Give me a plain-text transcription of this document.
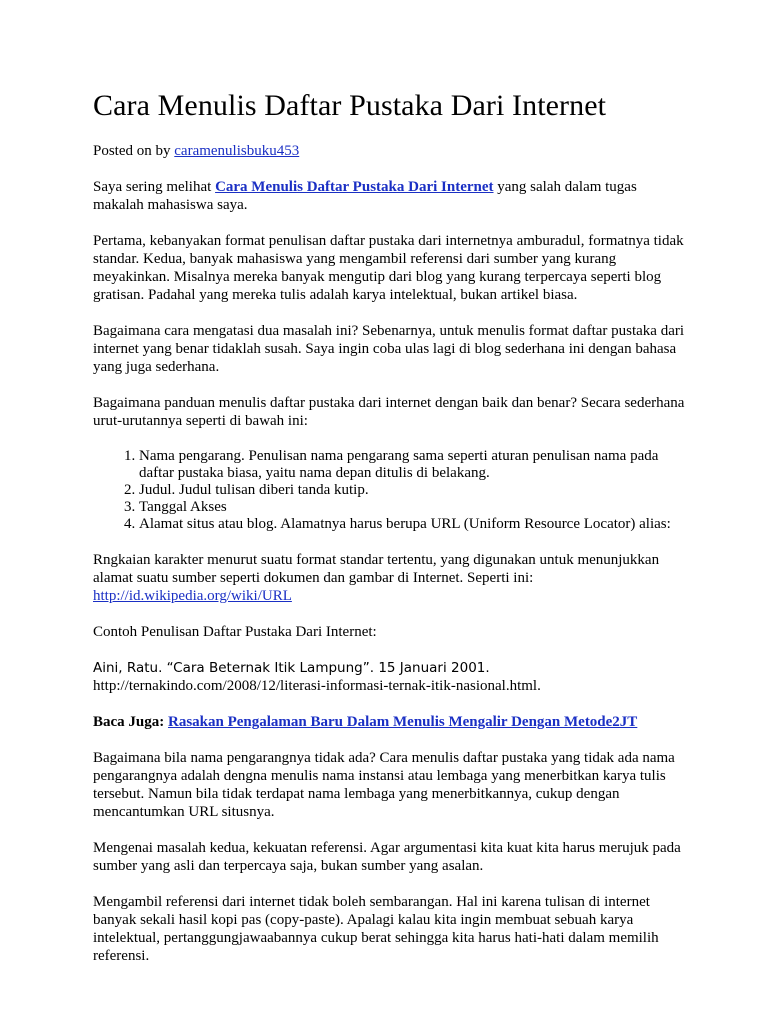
Cara Menulis Daftar Pustaka Dari Internet

Posted on by caramenulisbuku453

Saya sering melihat Cara Menulis Daftar Pustaka Dari Internet yang salah dalam tugas makalah mahasiswa saya.

Pertama, kebanyakan format penulisan daftar pustaka dari internetnya amburadul, formatnya tidak standar. Kedua, banyak mahasiswa yang mengambil referensi dari sumber yang kurang meyakinkan. Misalnya mereka banyak mengutip dari blog yang kurang terpercaya seperti blog gratisan. Padahal yang mereka tulis adalah karya intelektual, bukan artikel biasa.

Bagaimana cara mengatasi dua masalah ini? Sebenarnya, untuk menulis format daftar pustaka dari internet yang benar tidaklah susah. Saya ingin coba ulas lagi di blog sederhana ini dengan bahasa yang juga sederhana.

Bagaimana panduan menulis daftar pustaka dari internet dengan baik dan benar? Secara sederhana urut-urutannya seperti di bawah ini:

1. Nama pengarang. Penulisan nama pengarang sama seperti aturan penulisan nama pada daftar pustaka biasa, yaitu nama depan ditulis di belakang.
2. Judul. Judul tulisan diberi tanda kutip.
3. Tanggal Akses
4. Alamat situs atau blog. Alamatnya harus berupa URL (Uniform Resource Locator) alias:

Rngkaian karakter menurut suatu format standar tertentu, yang digunakan untuk menunjukkan alamat suatu sumber seperti dokumen dan gambar di Internet. Seperti ini: http://id.wikipedia.org/wiki/URL

Contoh Penulisan Daftar Pustaka Dari Internet:

Aini, Ratu. “Cara Beternak Itik Lampung”. 15 Januari 2001.
http://ternakindo.com/2008/12/literasi-informasi-ternak-itik-nasional.html.

Baca Juga: Rasakan Pengalaman Baru Dalam Menulis Mengalir Dengan Metode2JT

Bagaimana bila nama pengarangnya tidak ada? Cara menulis daftar pustaka yang tidak ada nama pengarangnya adalah dengna menulis nama instansi atau lembaga yang menerbitkan karya tulis tersebut. Namun bila tidak terdapat nama lembaga yang menerbitkannya, cukup dengan mencantumkan URL situsnya.

Mengenai masalah kedua, kekuatan referensi. Agar argumentasi kita kuat kita harus merujuk pada sumber yang asli dan terpercaya saja, bukan sumber yang asalan.

Mengambil referensi dari internet tidak boleh sembarangan. Hal ini karena tulisan di internet banyak sekali hasil kopi pas (copy-paste). Apalagi kalau kita ingin membuat sebuah karya intelektual, pertanggungjawaabannya cukup berat sehingga kita harus hati-hati dalam memilih referensi.
